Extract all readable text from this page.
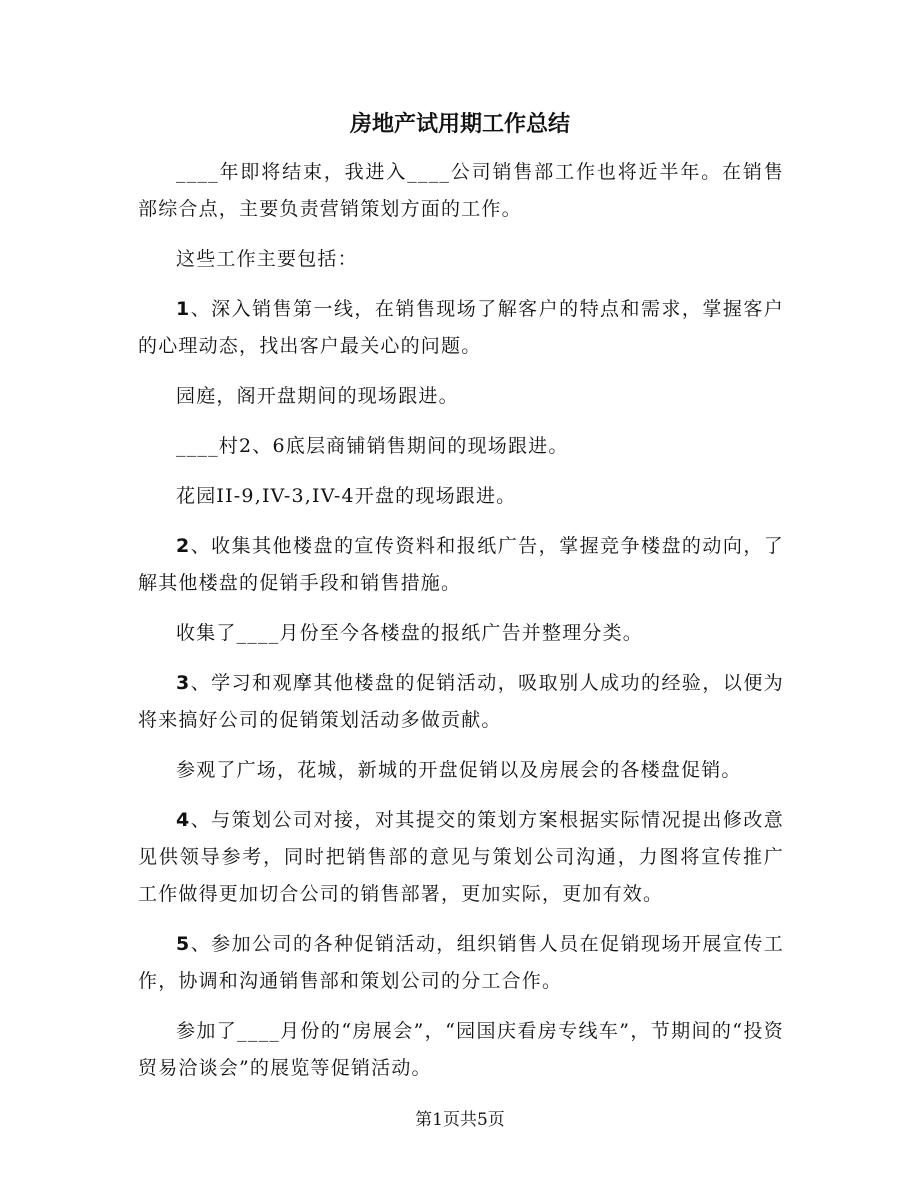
房地产试用期工作总结

____年即将结束，我进入____公司销售部工作也将近半年。在销售部综合点，主要负责营销策划方面的工作。

这些工作主要包括：

1、深入销售第一线，在销售现场了解客户的特点和需求，掌握客户的心理动态，找出客户最关心的问题。

园庭，阁开盘期间的现场跟进。

____村2、6底层商铺销售期间的现场跟进。

花园II-9,IV-3,IV-4开盘的现场跟进。

2、收集其他楼盘的宣传资料和报纸广告，掌握竞争楼盘的动向，了解其他楼盘的促销手段和销售措施。

收集了____月份至今各楼盘的报纸广告并整理分类。

3、学习和观摩其他楼盘的促销活动，吸取别人成功的经验，以便为将来搞好公司的促销策划活动多做贡献。

参观了广场，花城，新城的开盘促销以及房展会的各楼盘促销。

4、与策划公司对接，对其提交的策划方案根据实际情况提出修改意见供领导参考，同时把销售部的意见与策划公司沟通，力图将宣传推广工作做得更加切合公司的销售部署，更加实际，更加有效。

5、参加公司的各种促销活动，组织销售人员在促销现场开展宣传工作，协调和沟通销售部和策划公司的分工合作。

参加了____月份的“房展会”，“园国庆看房专线车”，节期间的“投资贸易洽谈会”的展览等促销活动。

第1页共5页
